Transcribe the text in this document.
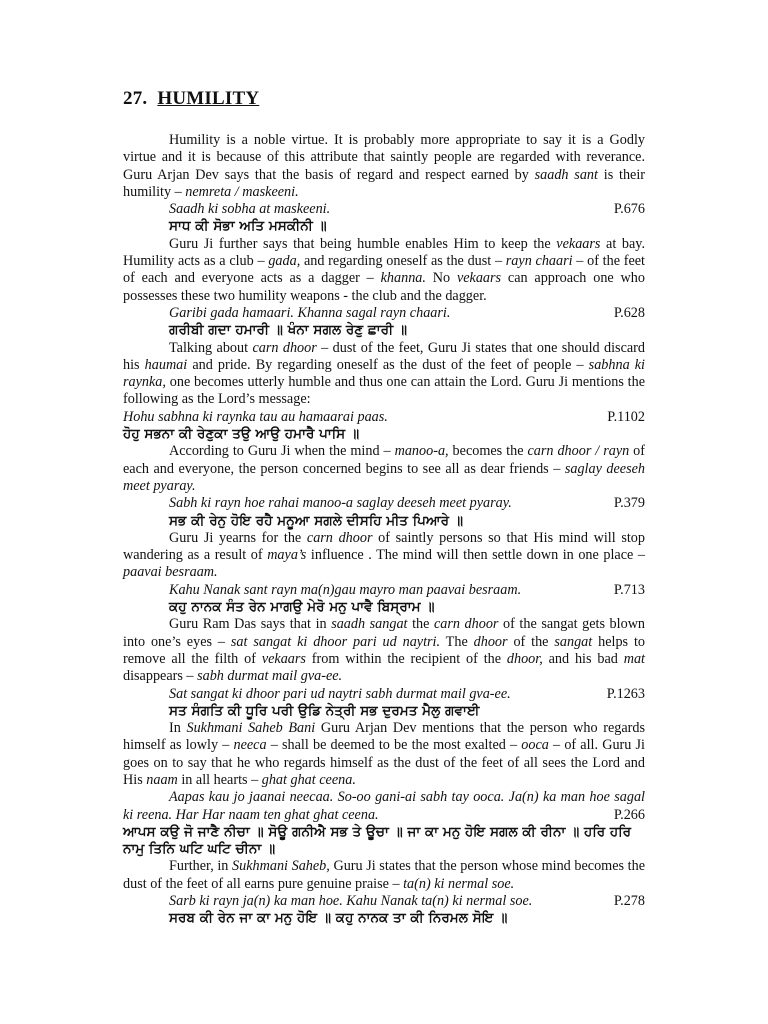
27. HUMILITY

Humility is a noble virtue. It is probably more appropriate to say it is a Godly virtue and it is because of this attribute that saintly people are regarded with reverance. Guru Arjan Dev says that the basis of regard and respect earned by saadh sant is their humility – nemreta / maskeeni.

Saadh ki sobha at maskeeni.	P.676
ਸਾਧ ਕੀ ਸੋਭਾ ਅਤਿ ਮਸਕੀਨੀ ॥

Guru Ji further says that being humble enables Him to keep the vekaars at bay. Humility acts as a club – gada, and regarding oneself as the dust – rayn chaari – of the feet of each and everyone acts as a dagger – khanna. No vekaars can approach one who possesses these two humility weapons - the club and the dagger.

Garibi gada hamaari. Khanna sagal rayn chaari.	P.628
ਗਰੀਬੀ ਗਦਾ ਹਮਾਰੀ ॥ ਖੰਨਾ ਸਗਲ ਰੇਣੁ ਛਾਰੀ ॥

Talking about carn dhoor – dust of the feet, Guru Ji states that one should discard his haumai and pride. By regarding oneself as the dust of the feet of people – sabhna ki raynka, one becomes utterly humble and thus one can attain the Lord. Guru Ji mentions the following as the Lord’s message:

Hohu sabhna ki raynka tau au hamaarai paas.	P.1102
ਹੋਹੁ ਸਭਨਾ ਕੀ ਰੇਣੁਕਾ ਤਉ ਆਉ ਹਮਾਰੈ ਪਾਸਿ ॥

According to Guru Ji when the mind – manoo-a, becomes the carn dhoor / rayn of each and everyone, the person concerned begins to see all as dear friends – saglay deeseh meet pyaray.

Sabh ki rayn hoe rahai manoo-a saglay deeseh meet pyaray.	P.379
ਸਭ ਕੀ ਰੇਨੁ ਹੋਇ ਰਹੈ ਮਨੂਆ ਸਗਲੇ ਦੀਸਹਿ ਮੀਤ ਪਿਆਰੇ ॥

Guru Ji yearns for the carn dhoor of saintly persons so that His mind will stop wandering as a result of maya’s influence . The mind will then settle down in one place – paavai besraam.

Kahu Nanak sant rayn ma(n)gau mayro man paavai besraam.	P.713
ਕਹੁ ਨਾਨਕ ਸੰਤ ਰੇਨ ਮਾਗਉ ਮੇਰੋ ਮਨੁ ਪਾਵੈ ਬਿਸ੍ਰਾਮ ॥

Guru Ram Das says that in saadh sangat the carn dhoor of the sangat gets blown into one’s eyes – sat sangat ki dhoor pari ud naytri. The dhoor of the sangat helps to remove all the filth of vekaars from within the recipient of the dhoor, and his bad mat disappears – sabh durmat mail gva-ee.

Sat sangat ki dhoor pari ud naytri sabh durmat mail gva-ee.	P.1263
ਸਤ ਸੰਗਤਿ ਕੀ ਧੂਰਿ ਪਰੀ ਉਡਿ ਨੇਤ੍ਰੀ ਸਭ ਦੁਰਮਤ ਮੈਲੁ ਗਵਾਈ

In Sukhmani Saheb Bani Guru Arjan Dev mentions that the person who regards himself as lowly – neeca – shall be deemed to be the most exalted – ooca – of all. Guru Ji goes on to say that he who regards himself as the dust of the feet of all sees the Lord and His naam in all hearts – ghat ghat ceena.

Aapas kau jo jaanai neecaa. So-oo gani-ai sabh tay ooca. Ja(n) ka man hoe sagal ki reena. Har Har naam ten ghat ghat ceena.	P.266
ਆਪਸ ਕਉ ਜੋ ਜਾਣੈ ਨੀਚਾ ॥ ਸੋਊ ਗਨੀਐ ਸਭ ਤੇ ਊਚਾ ॥ ਜਾ ਕਾ ਮਨੁ ਹੋਇ ਸਗਲ ਕੀ ਰੀਨਾ ॥ ਹਰਿ ਹਰਿ ਨਾਮੁ ਤਿਨਿ ਘਟਿ ਘਟਿ ਚੀਨਾ ॥

Further, in Sukhmani Saheb, Guru Ji states that the person whose mind becomes the dust of the feet of all earns pure genuine praise – ta(n) ki nermal soe.

Sarb ki rayn ja(n) ka man hoe. Kahu Nanak ta(n) ki nermal soe.	P.278
ਸਰਬ ਕੀ ਰੇਨ ਜਾ ਕਾ ਮਨੁ ਹੋਇ ॥ ਕਹੁ ਨਾਨਕ ਤਾ ਕੀ ਨਿਰਮਲ ਸੋਇ ॥
